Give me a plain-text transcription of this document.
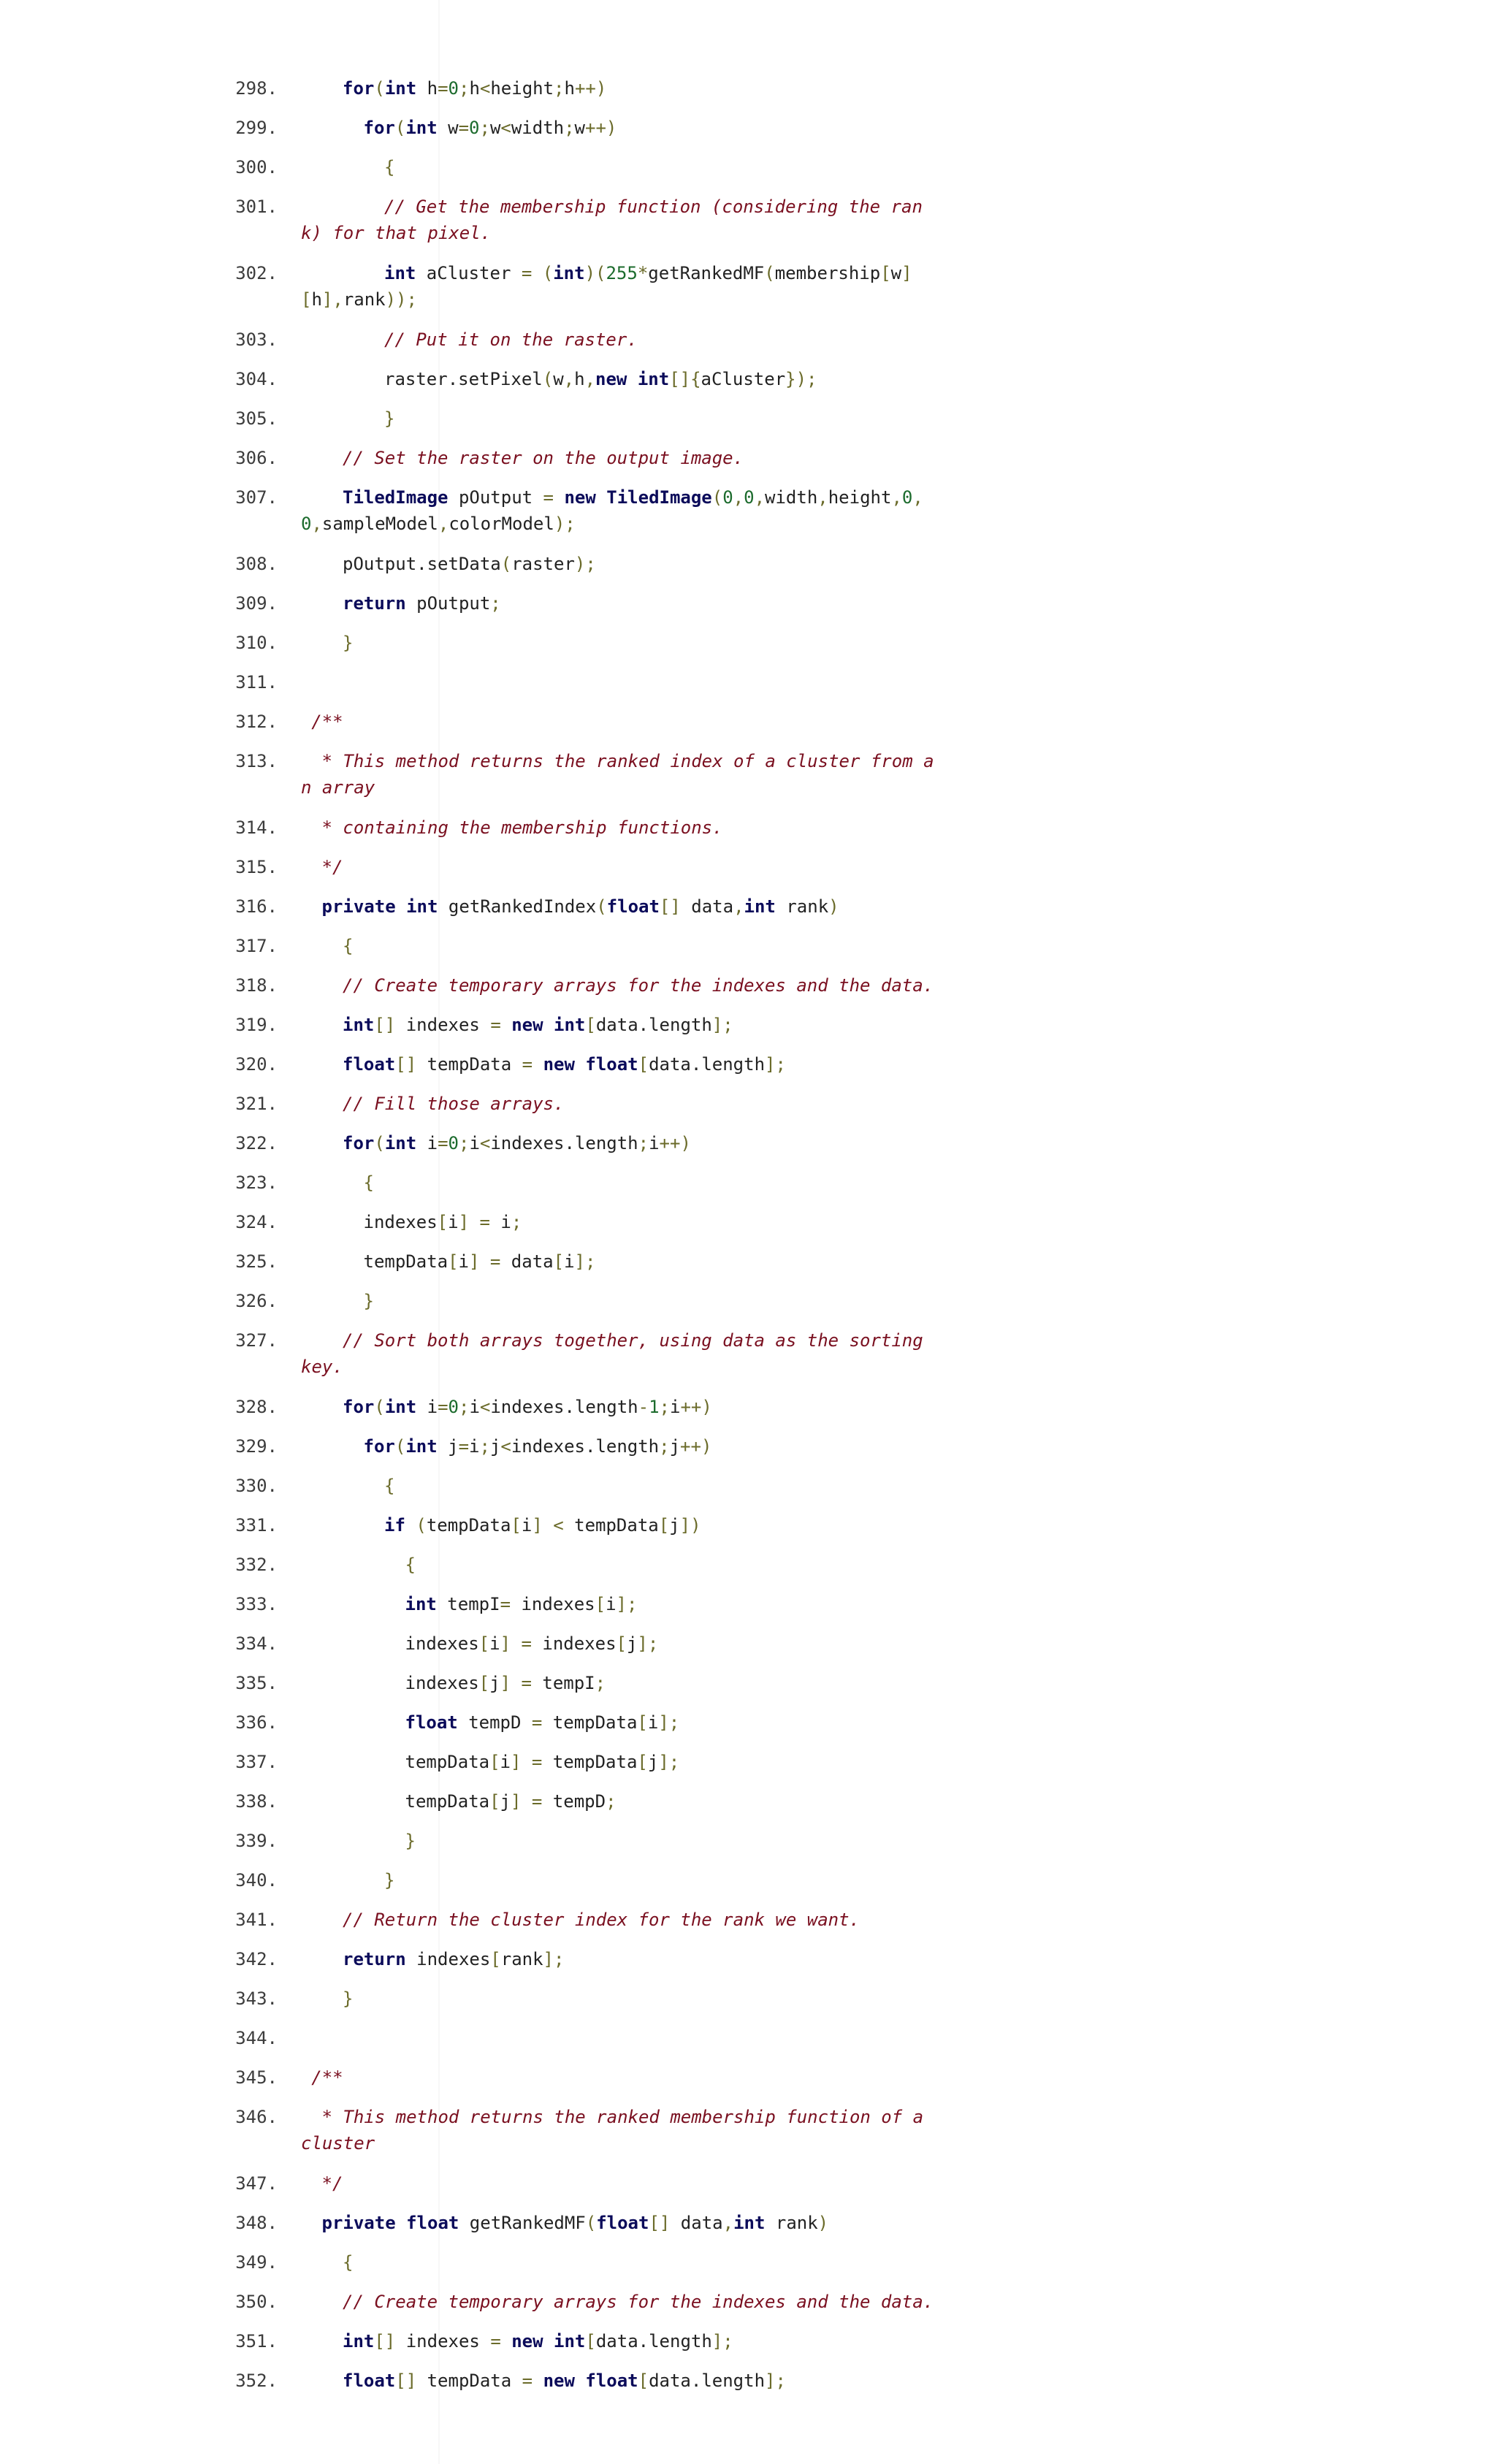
298.	for(int h=0;h<height;h++)
299.	for(int w=0;w<width;w++)
300.	{
301.	// Get the membership function (considering the rank) for that pixel.
302.	int aCluster = (int)(255*getRankedMF(membership[w][h],rank));
303.	// Put it on the raster.
304.	raster.setPixel(w,h,new int[]{aCluster});
305.	}
306.	// Set the raster on the output image.
307.	TiledImage pOutput = new TiledImage(0,0,width,height,0,0,sampleModel,colorModel);
308.	pOutput.setData(raster);
309.	return pOutput;
310.	}
311.
312.	/**
313.	* This method returns the ranked index of a cluster from an array
314.	* containing the membership functions.
315.	*/
316.	private int getRankedIndex(float[] data,int rank)
317.	{
318.	// Create temporary arrays for the indexes and the data.
319.	int[] indexes = new int[data.length];
320.	float[] tempData = new float[data.length];
321.	// Fill those arrays.
322.	for(int i=0;i<indexes.length;i++)
323.	{
324.	indexes[i] = i;
325.	tempData[i] = data[i];
326.	}
327.	// Sort both arrays together, using data as the sorting key.
328.	for(int i=0;i<indexes.length-1;i++)
329.	for(int j=i;j<indexes.length;j++)
330.	{
331.	if (tempData[i] < tempData[j])
332.	{
333.	int tempI= indexes[i];
334.	indexes[i] = indexes[j];
335.	indexes[j] = tempI;
336.	float tempD = tempData[i];
337.	tempData[i] = tempData[j];
338.	tempData[j] = tempD;
339.	}
340.	}
341.	// Return the cluster index for the rank we want.
342.	return indexes[rank];
343.	}
344.
345.	/**
346.	* This method returns the ranked membership function of a cluster
347.	*/
348.	private float getRankedMF(float[] data,int rank)
349.	{
350.	// Create temporary arrays for the indexes and the data.
351.	int[] indexes = new int[data.length];
352.	float[] tempData = new float[data.length];
